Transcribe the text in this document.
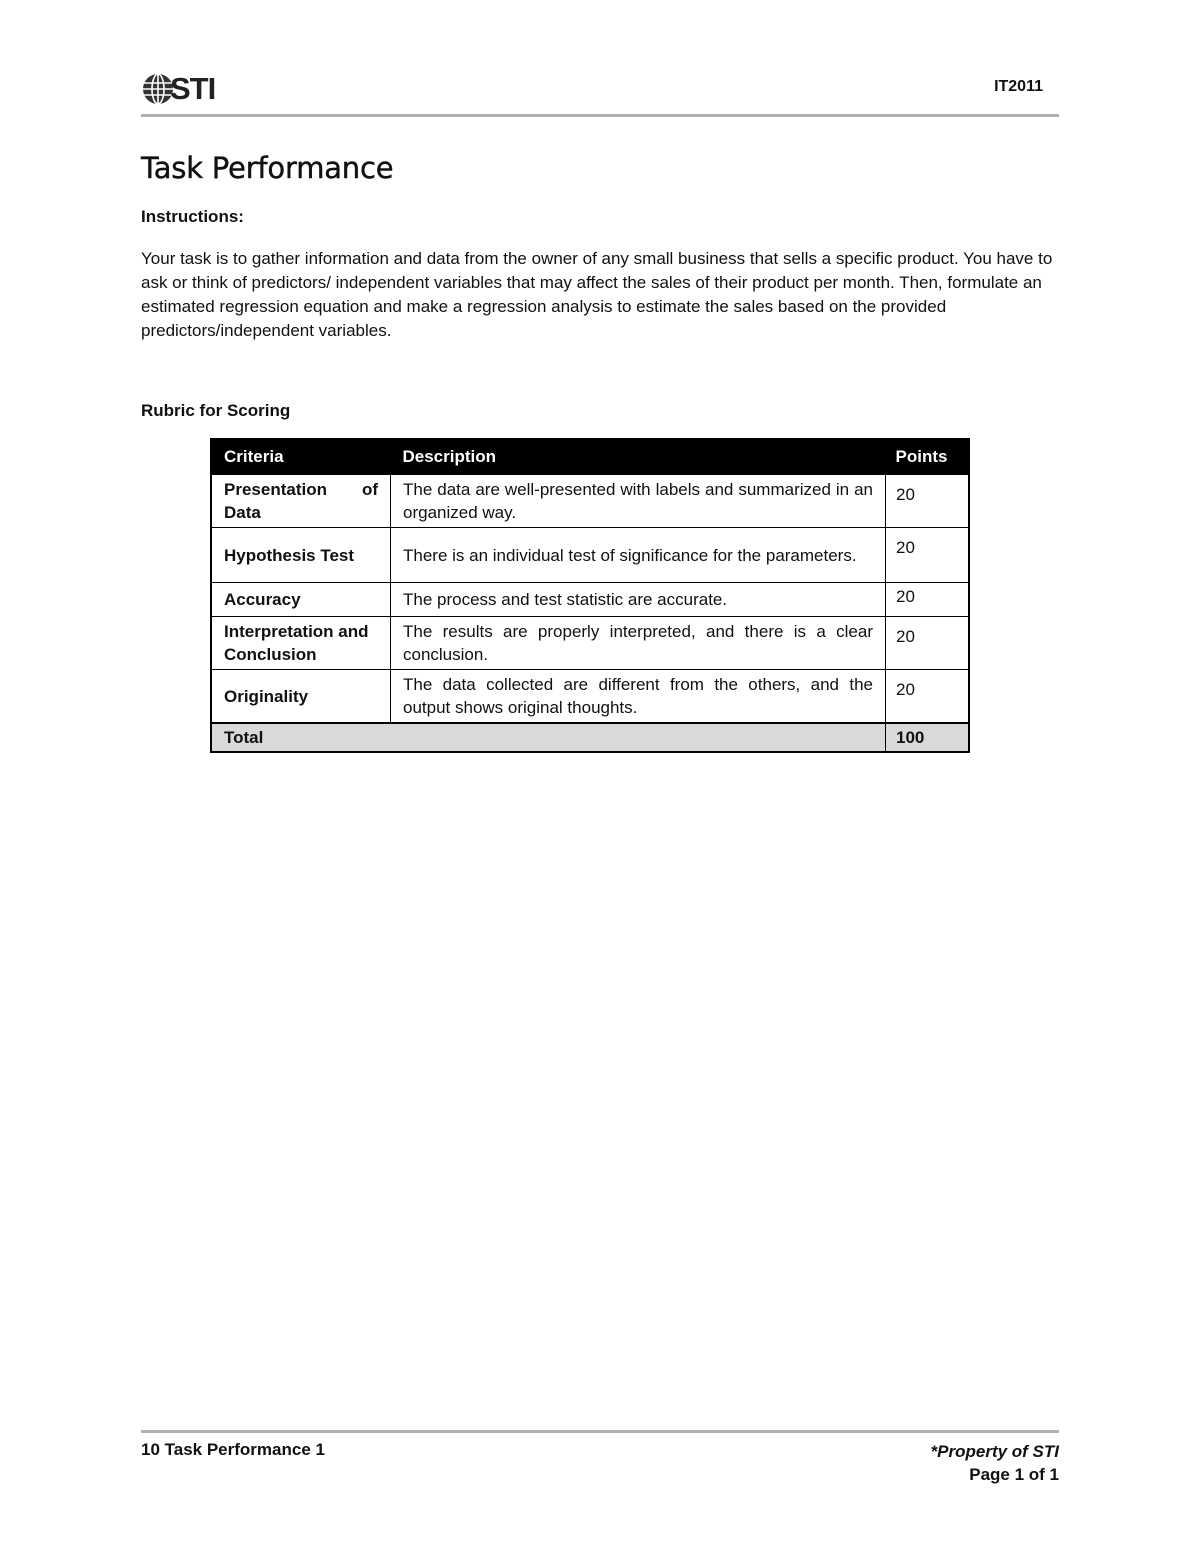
STI	IT2011
Task Performance
Instructions:
Your task is to gather information and data from the owner of any small business that sells a specific product. You have to ask or think of predictors/ independent variables that may affect the sales of their product per month. Then, formulate an estimated regression equation and make a regression analysis to estimate the sales based on the provided predictors/independent variables.
Rubric for Scoring
Criteria	Description	Points
Presentation of Data	The data are well-presented with labels and summarized in an organized way.	20
Hypothesis Test	There is an individual test of significance for the parameters.	20
Accuracy	The process and test statistic are accurate.	20
Interpretation and Conclusion	The results are properly interpreted, and there is a clear conclusion.	20
Originality	The data collected are different from the others, and the output shows original thoughts.	20
Total		100
10 Task Performance 1	*Property of STI
Page 1 of 1
